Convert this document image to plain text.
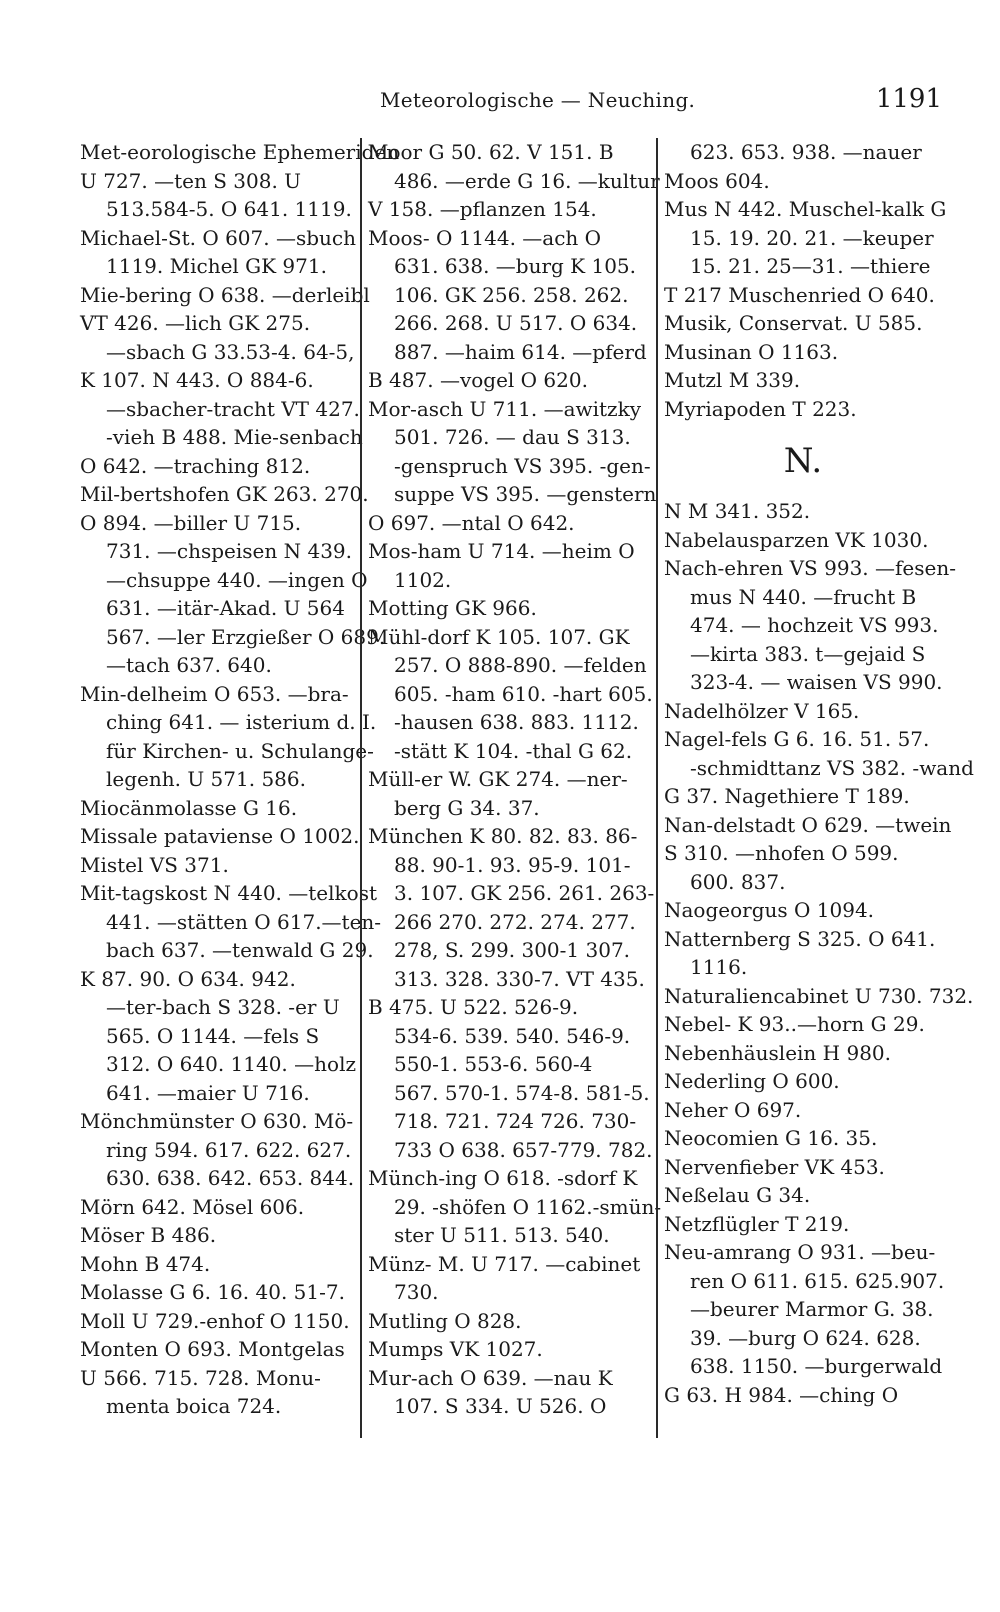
Meteorologische — Neuching.	1191

Met-eorologische Ephemeriden

U 727. —ten S 308. U

513.584-5. O 641. 1119.

Michael-St. O 607. —sbuch

1119. Michel GK 971.

Mie-bering O 638. —derleibl

VT 426. —lich GK 275.

—sbach G 33.53-4. 64-5,

K 107. N 443. O 884-6.

—sbacher-tracht VT 427.

-vieh B 488. Mie-senbach

O 642. —traching 812.

Mil-bertshofen GK 263. 270.

O 894. —biller U 715.

731. —chspeisen N 439.

—chsuppe 440. —ingen O

631. —itär-Akad. U 564

567. —ler Erzgießer O 689.

—tach 637. 640.

Min-delheim O 653. —bra-

ching 641. — isterium d. I.

für Kirchen- u. Schulange-

legenh. U 571. 586.

Miocänmolasse G 16.

Missale pataviense O 1002.

Mistel VS 371.

Mit-tagskost N 440. —telkost

441. —stätten O 617.—ten-

bach 637. —tenwald G 29.

K 87. 90. O 634. 942.

—ter-bach S 328. -er U

565. O 1144. —fels S

312. O 640. 1140. —holz

641. —maier U 716.

Mönchmünster O 630. Mö-

ring 594. 617. 622. 627.

630. 638. 642. 653. 844.

Mörn 642. Mösel 606.

Möser B 486.

Mohn B 474.

Molasse G 6. 16. 40. 51-7.

Moll U 729.-enhof O 1150.

Monten O 693. Montgelas

U 566. 715. 728. Monu-

menta boica 724.

Moor G 50. 62. V 151. B

486. —erde G 16. —kultur

V 158. —pflanzen 154.

Moos- O 1144. —ach O

631. 638. —burg K 105.

106. GK 256. 258. 262.

266. 268. U 517. O 634.

887. —haim 614. —pferd

B 487. —vogel O 620.

Mor-asch U 711. —awitzky

501. 726. — dau S 313.

-genspruch VS 395. -gen-

suppe VS 395. —genstern

O 697. —ntal O 642.

Mos-ham U 714. —heim O

1102.

Motting GK 966.

Mühl-dorf K 105. 107. GK

257. O 888-890. —felden

605. -ham 610. -hart 605.

-hausen 638. 883. 1112.

-stätt K 104. -thal G 62.

Müll-er W. GK 274. —ner-

berg G 34. 37.

München K 80. 82. 83. 86-

88. 90-1. 93. 95-9. 101-

3. 107. GK 256. 261. 263-

266 270. 272. 274. 277.

278, S. 299. 300-1 307.

313. 328. 330-7. VT 435.

B 475. U 522. 526-9.

534-6. 539. 540. 546-9.

550-1. 553-6. 560-4

567. 570-1. 574-8. 581-5.

718. 721. 724 726. 730-

733 O 638. 657-779. 782.

Münch-ing O 618. -sdorf K

29. -shöfen O 1162.-smün-

ster U 511. 513. 540.

Münz- M. U 717. —cabinet

730.

Mutling O 828.

Mumps VK 1027.

Mur-ach O 639. —nau K

107. S 334. U 526. O

623. 653. 938. —nauer

Moos 604.

Mus N 442. Muschel-kalk G

15. 19. 20. 21. —keuper

15. 21. 25—31. —thiere

T 217 Muschenried O 640.

Musik, Conservat. U 585.

Musinan O 1163.

Mutzl M 339.

Myriapoden T 223.

N.

N M 341. 352.

Nabelausparzen VK 1030.

Nach-ehren VS 993. —fesen-

mus N 440. —frucht B

474. — hochzeit VS 993.

—kirta 383. t—gejaid S

323-4. — waisen VS 990.

Nadelhölzer V 165.

Nagel-fels G 6. 16. 51. 57.

-schmidttanz VS 382. -wand

G 37. Nagethiere T 189.

Nan-delstadt O 629. —twein

S 310. —nhofen O 599.

600. 837.

Naogeorgus O 1094.

Natternberg S 325. O 641.

1116.

Naturaliencabinet U 730. 732.

Nebel- K 93..—horn G 29.

Nebenhäuslein H 980.

Nederling O 600.

Neher O 697.

Neocomien G 16. 35.

Nervenfieber VK 453.

Neßelau G 34.

Netzflügler T 219.

Neu-amrang O 931. —beu-

ren O 611. 615. 625.907.

—beurer Marmor G. 38.

39. —burg O 624. 628.

638. 1150. —burgerwald

G 63. H 984. —ching O
